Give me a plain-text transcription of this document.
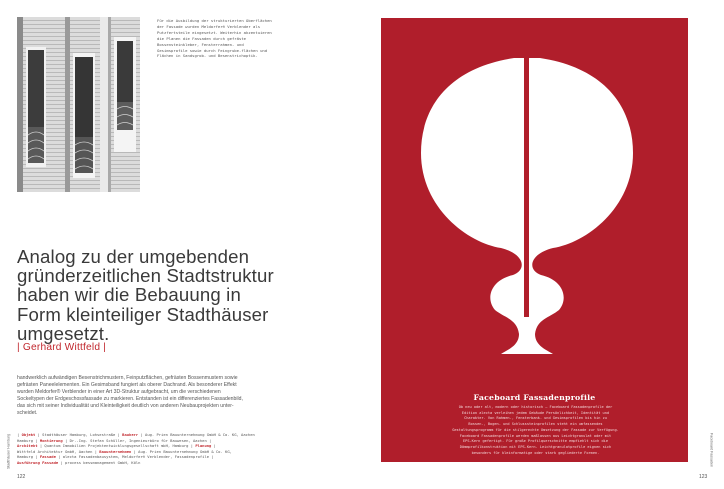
Für die Ausbildung der strukturierten Oberflächen der Fassade wurden Meldorfer® Verblender als Putzfertsteile eingesetzt. Weiterhin akzentuieren die Planen die Fassaden durch gefräste Bossensteinkleber, Fensterrahmen- und Gesimsprofile sowie durch Feingrube-flächen und Flächen in Sandsgrob- und Besenstrichoptik.
Analog zu der umgebenden
gründerzeitlichen Stadtstruktur
haben wir die Bebauung in
Form kleinteiliger Stadthäuser
umgesetzt.
| Gerhard Wittfeld |
handwerklich aufwändigen Besenstrichmustern, Feinputzflächen, gefrästen Bossenmustern sowie
gefrästen Paneelelementen. Ein Gesimsband fungiert als oberer Dachrand. Als besonderer Effekt
wurden Meldorfer® Verblender in einer Art 3D-Struktur aufgebracht, um die verschiedenen
Sockeltypen der Erdgeschossfassade zu markieren. Entstanden ist ein differenziertes Fassadenbild,
das sich mit seiner Individualität und Kleinteiligkeit deutlich von anderen Neubauprojekten unter-
scheidet.
| Objekt | Stadthäuser Hamburg, Lohsestraße | Bauherr | Aug. Prien Bauunternehmung GmbH & Co. KG, Aachen
Hamburg | Montierung | Dr.-Ing. Stefan Schüller, Ingenieurbüro für Bauwesen, Aachen |
Architekt | Quantum Immobilien Projektentwicklungsgesellschaft mbH, Hamburg | Planung |
Wittfeld Architektur GmbH, Aachen | Bauunternehmen | Aug. Prien Bauunternehmung GmbH & Co. KG,
Hamburg | Fassade | alecta Fassadenbausystem, Meldorfer® Verblender, Fassadenprofile |
Ausführung Fassade | process bessmanagement GmbH, Köln
Stadthäuser Hamburg
122
Faceboard Fassadenprofile
Ob neu oder alt, modern oder historisch – Faceboard Fassadenprofile der
Edition alecta verleihen jedem Gebäude Persönlichkeit, Identität und
Charakter. Von Rahmen-, Fensterbank- und Gesimsprofilen bis hin zu
Bossen-, Bogen- und Schlusssteinprofilen steht ein umfassendes
Gestaltungsprogramm für die stilgerechte Umsetzung der Fassade zur Verfügung.
Faceboard Fassadenprofile werden maßlassen aus Leichtgranulat oder mit
EPS-Kern gefertigt. Für große Profilquerschnitte empfiehlt sich die
Dämmprofilkonstruktion mit EPS-Kern. Leichtgranulatprofile eignen sich
besonders für kleinformatige oder stark gegliederte Formen.	Faceboard Fassaden
123
